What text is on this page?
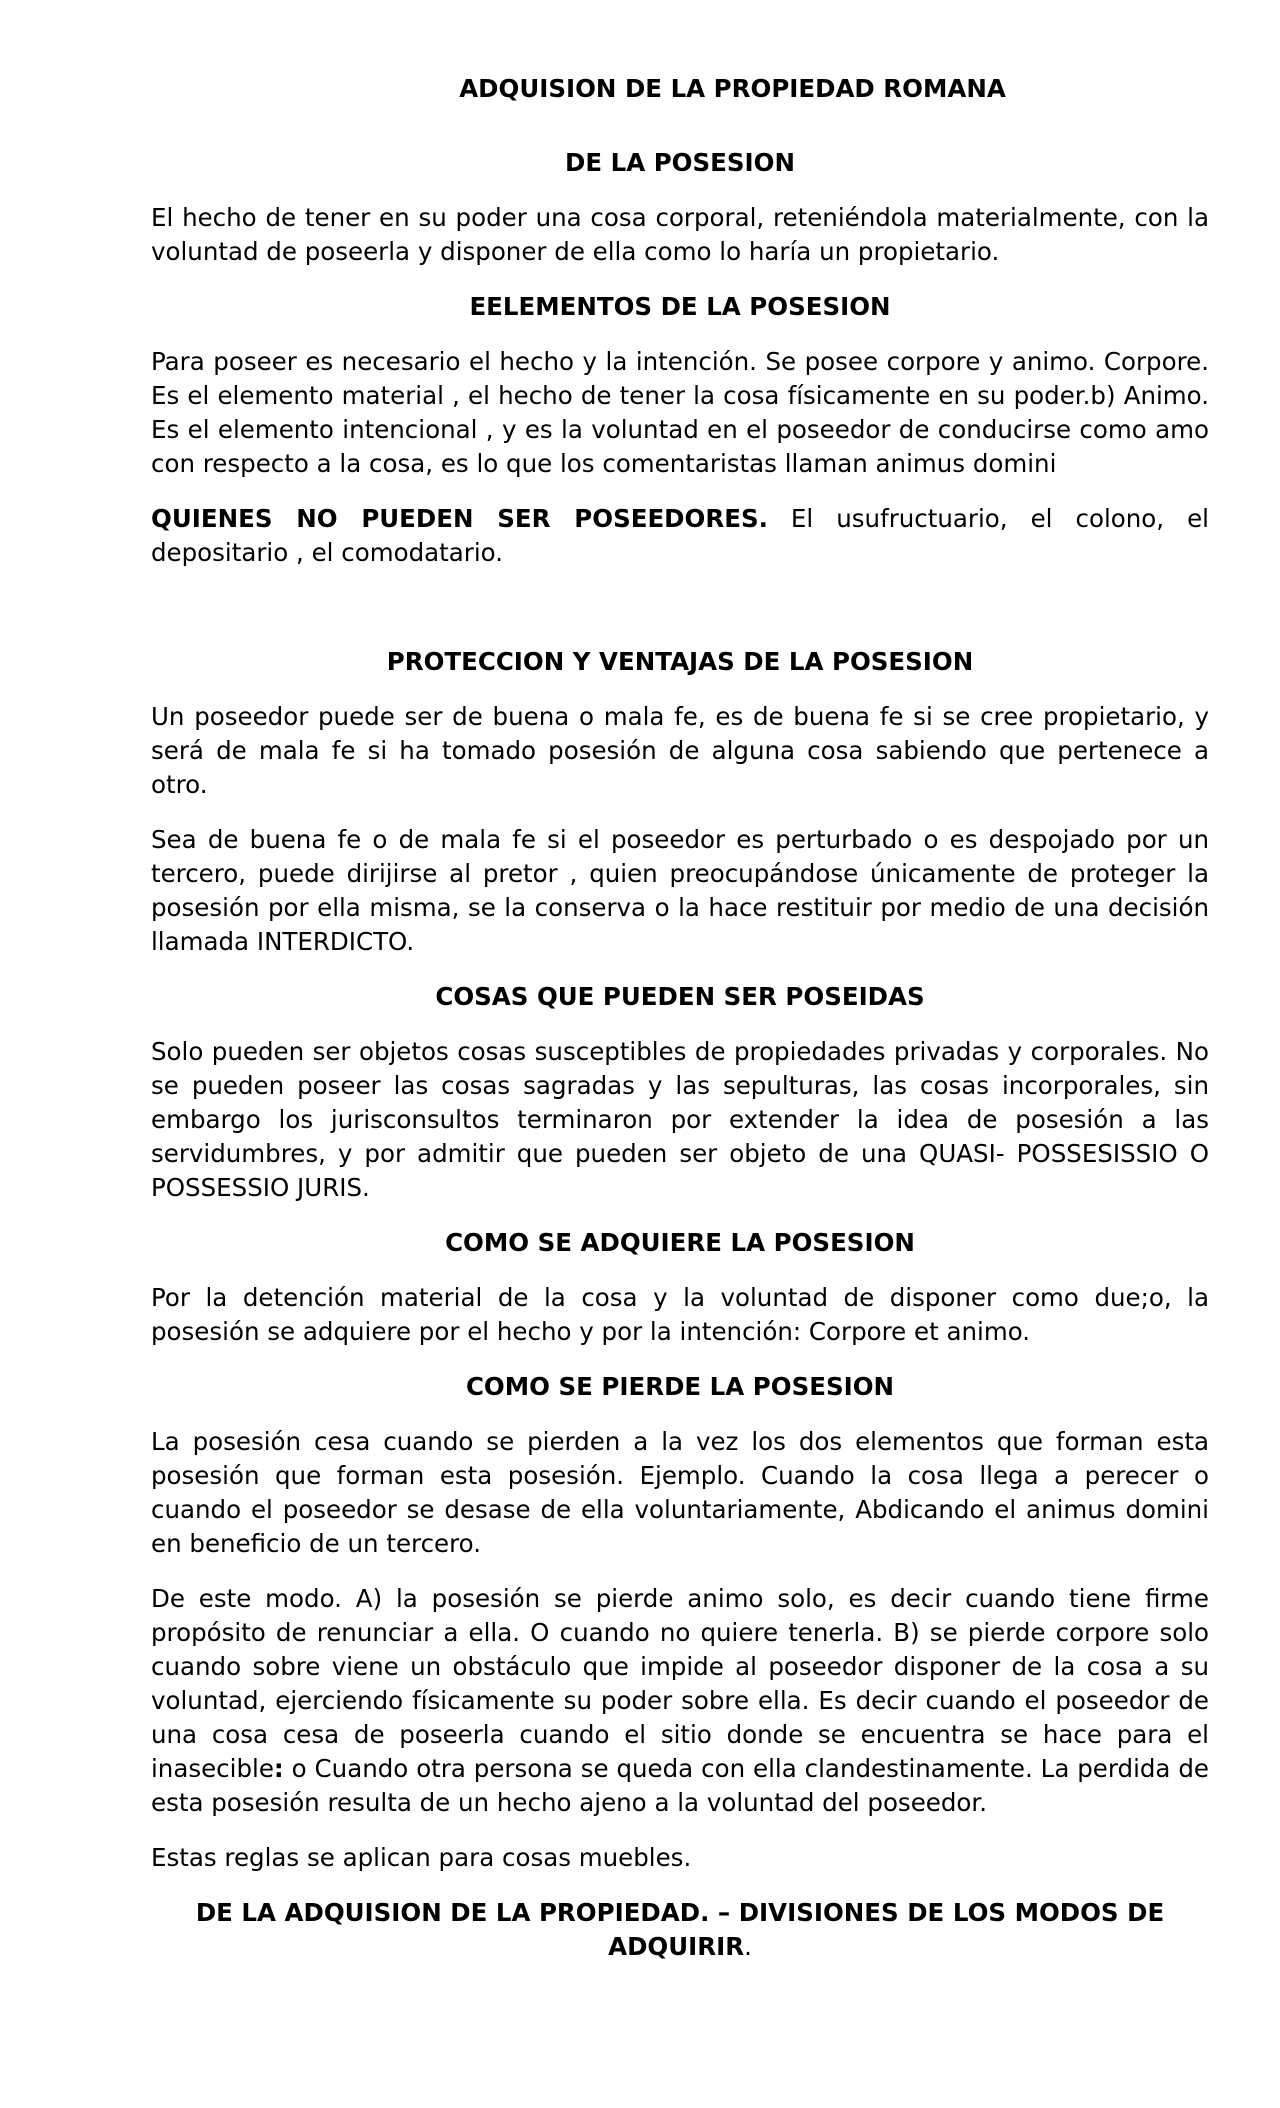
ADQUISION DE LA PROPIEDAD ROMANA

DE LA POSESION

El hecho de tener en su poder una cosa corporal, reteniéndola materialmente, con la voluntad de poseerla y disponer de ella como lo haría un propietario.

EELEMENTOS DE LA POSESION

Para poseer es necesario el hecho y la intención. Se posee corpore y animo. Corpore. Es el elemento material , el hecho de tener la cosa físicamente en su poder.b) Animo. Es el elemento intencional , y es la voluntad en el poseedor de conducirse como amo con respecto a la cosa, es lo que los comentaristas llaman animus domini

QUIENES NO PUEDEN SER POSEEDORES. El usufructuario, el colono, el depositario , el comodatario.

PROTECCION Y VENTAJAS DE LA POSESION

Un poseedor puede ser de buena o mala fe, es de buena fe si se cree propietario, y será de mala fe si ha tomado posesión de alguna cosa sabiendo que pertenece a otro.

Sea de buena fe o de mala fe si el poseedor es perturbado o es despojado por un tercero, puede dirijirse al pretor , quien preocupándose únicamente de proteger la posesión por ella misma, se la conserva o la hace restituir por medio de una decisión llamada INTERDICTO.

COSAS QUE PUEDEN SER POSEIDAS

Solo pueden ser objetos cosas susceptibles de propiedades privadas y corporales. No se pueden poseer las cosas sagradas y las sepulturas, las cosas incorporales, sin embargo los jurisconsultos terminaron por extender la idea de posesión a las servidumbres, y por admitir que pueden ser objeto de una QUASI- POSSESISSIO O POSSESSIO JURIS.

COMO SE ADQUIERE LA POSESION

Por la detención material de la cosa y la voluntad de disponer como due;o, la posesión se adquiere por el hecho y por la intención: Corpore et animo.

COMO SE PIERDE LA POSESION

La posesión cesa cuando se pierden a la vez los dos elementos que forman esta posesión que forman esta posesión. Ejemplo. Cuando la cosa llega a perecer o cuando el poseedor se desase de ella voluntariamente, Abdicando el animus domini en beneficio de un tercero.

De este modo. A) la posesión se pierde animo solo, es decir cuando tiene firme propósito de renunciar a ella. O cuando no quiere tenerla. B) se pierde corpore solo cuando sobre viene un obstáculo que impide al poseedor disponer de la cosa a su voluntad, ejerciendo físicamente su poder sobre ella. Es decir cuando el poseedor de una cosa cesa de poseerla cuando el sitio donde se encuentra se hace para el inasecible: o Cuando otra persona se queda con ella clandestinamente. La perdida de esta posesión resulta de un hecho ajeno a la voluntad del poseedor.

Estas reglas se aplican para cosas muebles.

DE LA ADQUISION DE LA PROPIEDAD. – DIVISIONES DE LOS MODOS DE ADQUIRIR.
